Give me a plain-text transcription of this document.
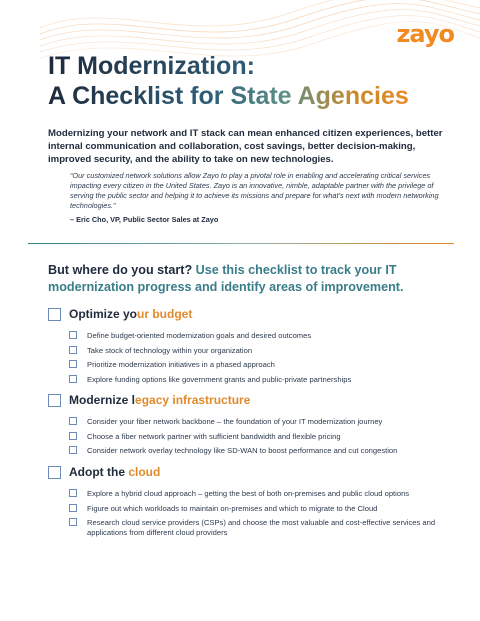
zayo
IT Modernization:
A Checklist for State Agencies
Modernizing your network and IT stack can mean enhanced citizen experiences, better internal communication and collaboration, cost savings, better decision-making, improved security, and the ability to take on new technologies.
“Our customized network solutions allow Zayo to play a pivotal role in enabling and accelerating critical services impacting every citizen in the United States. Zayo is an innovative, nimble, adaptable partner with the privilege of serving the public sector and helping it to achieve its missions and prepare for what’s next with modern networking technologies.”
– Eric Cho, VP, Public Sector Sales at Zayo
But where do you start? Use this checklist to track your IT modernization progress and identify areas of improvement.
Optimize your budget
Define budget-oriented modernization goals and desired outcomes
Take stock of technology within your organization
Prioritize modernization initiatives in a phased approach
Explore funding options like government grants and public-private partnerships
Modernize legacy infrastructure
Consider your fiber network backbone – the foundation of your IT modernization journey
Choose a fiber network partner with sufficient bandwidth and flexible pricing
Consider network overlay technology like SD-WAN to boost performance and cut congestion
Adopt the cloud
Explore a hybrid cloud approach – getting the best of both on-premises and public cloud options
Figure out which workloads to maintain on-premises and which to migrate to the Cloud
Research cloud service providers (CSPs) and choose the most valuable and cost-effective services and applications from different cloud providers
